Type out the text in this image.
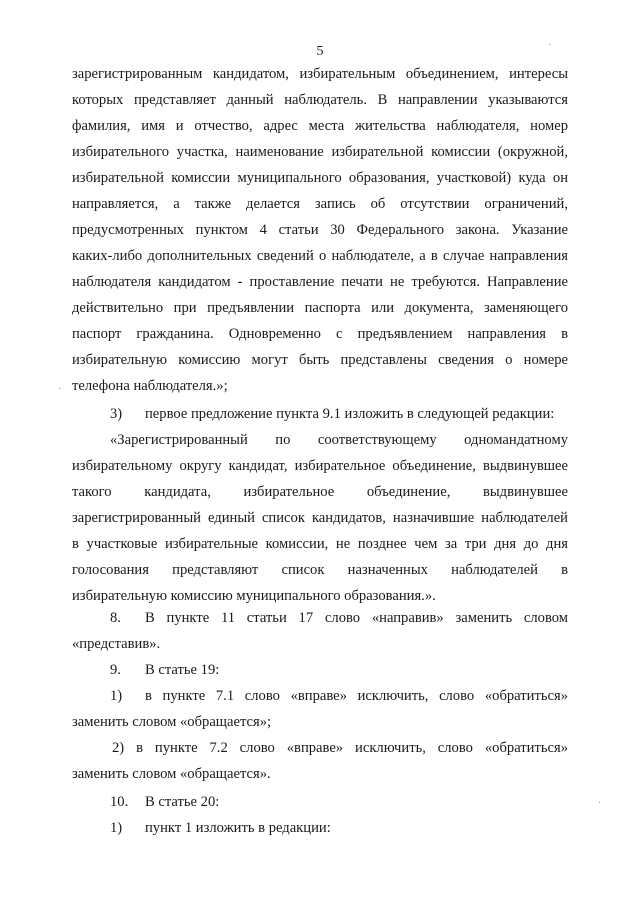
5
зарегистрированным кандидатом, избирательным объединением, интересы
которых представляет данный наблюдатель. В направлении указываются
фамилия, имя и отчество, адрес места жительства наблюдателя, номер
избирательного участка, наименование избирательной комиссии (окружной,
избирательной комиссии муниципального образования, участковой) куда он
направляется, а также делается запись об отсутствии ограничений,
предусмотренных пунктом 4 статьи 30 Федерального закона. Указание
каких-либо дополнительных сведений о наблюдателе, а в случае направления
наблюдателя кандидатом - проставление печати не требуются. Направление
действительно при предъявлении паспорта или документа, заменяющего
паспорт гражданина. Одновременно с предъявлением направления в
избирательную комиссию могут быть представлены сведения о номере
телефона наблюдателя.»;
3) первое предложение пункта 9.1 изложить в следующей редакции:
«Зарегистрированный по соответствующему одномандатному
избирательному округу кандидат, избирательное объединение, выдвинувшее
такого кандидата, избирательное объединение, выдвинувшее
зарегистрированный единый список кандидатов, назначившие наблюдателей
в участковые избирательные комиссии, не позднее чем за три дня до дня
голосования представляют список назначенных наблюдателей в
избирательную комиссию муниципального образования.».
8. В пункте 11 статьи 17 слово «направив» заменить словом
«представив».
9. В статье 19:
1) в пункте 7.1 слово «вправе» исключить, слово «обратиться»
заменить словом «обращается»;
2) в пункте 7.2 слово «вправе» исключить, слово «обратиться»
заменить словом «обращается».
10. В статье 20:
1) пункт 1 изложить в редакции:
·
·
·
